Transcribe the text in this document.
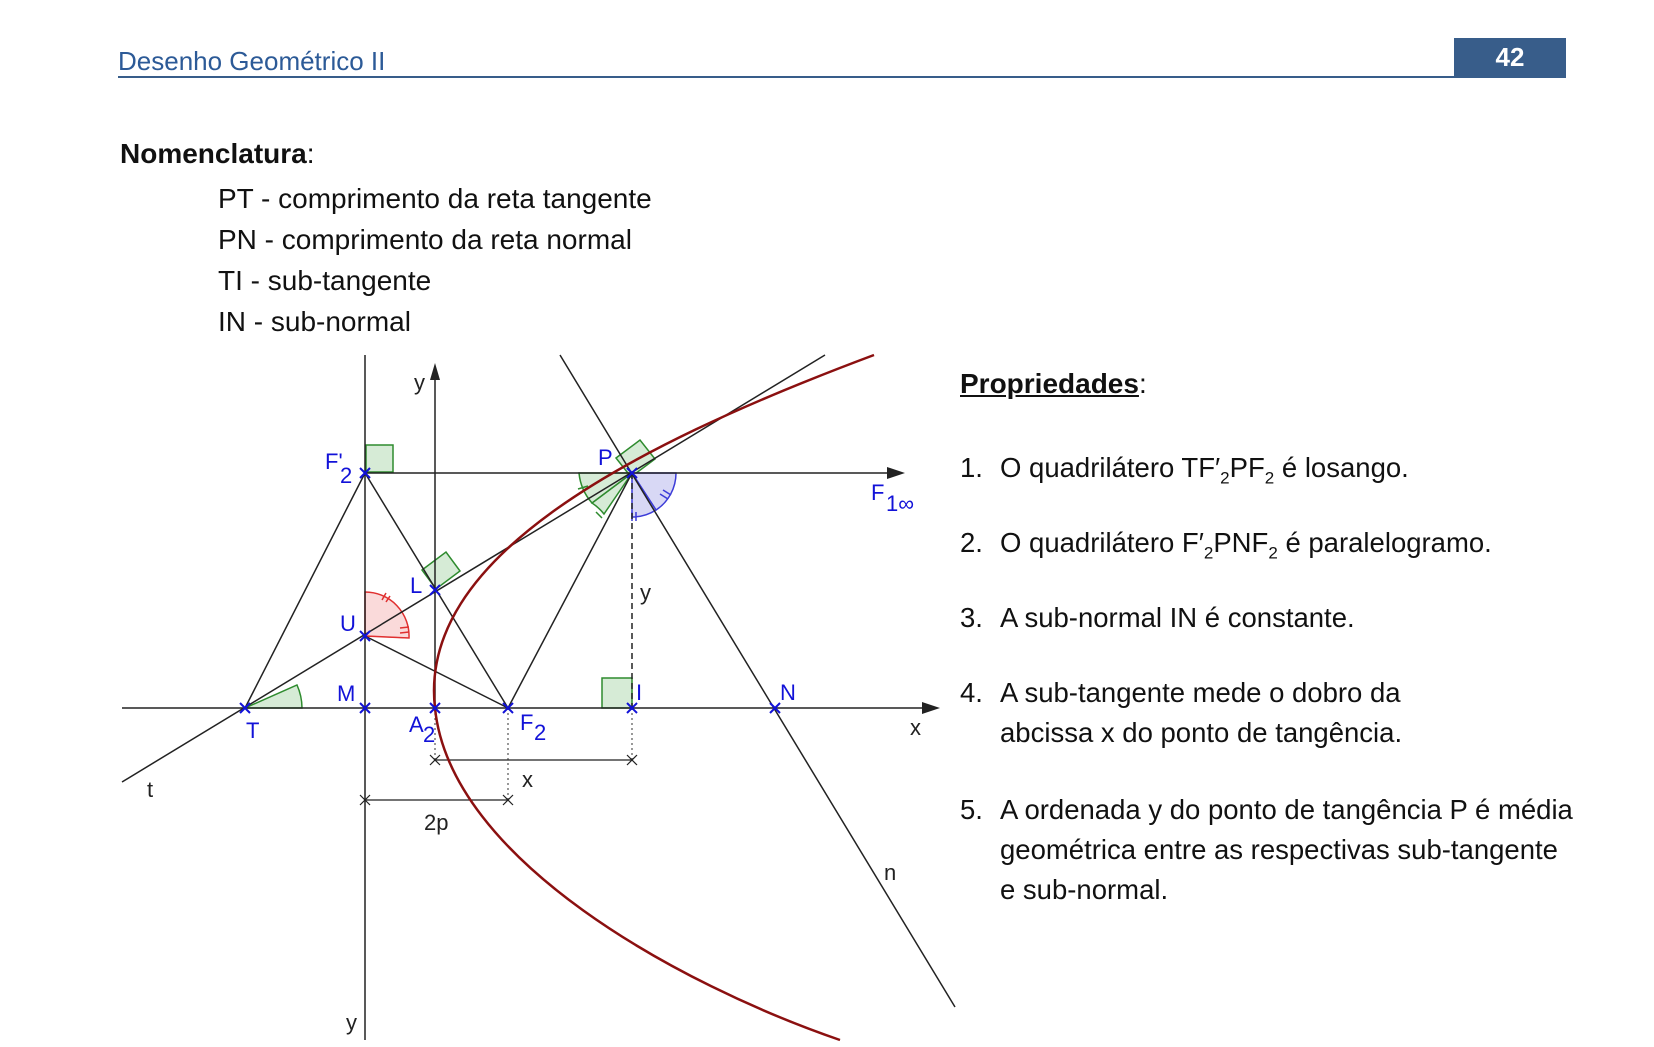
Desenho Geométrico II	42
Nomenclatura:
PT - comprimento da reta tangente
PN - comprimento da reta normal
TI - sub-tangente
IN - sub-normal
y
y
x
t
n
F'
2
P
F 1∞
L
U
M
T	A 2	F 2
I	N
y
x
2p
Propriedades:
1. O quadrilátero $TF'_2PF_2$ é losango.
2. O quadrilátero $F'_2PNF_2$ é paralelogramo.
3. A sub-normal IN é constante.
4. A sub-tangente mede o dobro da abcissa x do ponto de tangência.
5. A ordenada y do ponto de tangência P é média geométrica entre as respectivas sub-tangente e sub-normal.
